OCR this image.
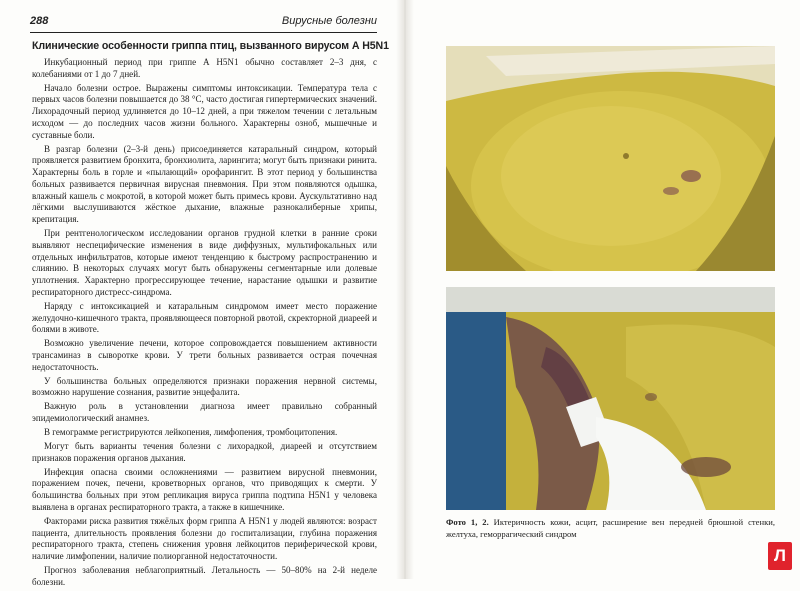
288	Вирусные болезни
Клинические особенности гриппа птиц, вызванного вирусом А H5N1

Инкубационный период при гриппе А H5N1 обычно составляет 2–3 дня, с колебаниями от 1 до 7 дней.

Начало болезни острое. Выражены симптомы интоксикации. Температура тела с первых часов болезни повышается до 38 °С, часто достигая гипертермических значений. Лихорадочный период удлиняется до 10–12 дней, а при тяжелом течении с летальным исходом — до последних часов жизни больного. Характерны озноб, мышечные и суставные боли.

В разгар болезни (2–3-й день) присоединяется катаральный синдром, который проявляется развитием бронхита, бронхиолита, ларингита; могут быть признаки ринита. Характерны боль в горле и «пылающий» орофарингит. В этот период у большинства больных развивается первичная вирусная пневмония. При этом появляются одышка, влажный кашель с мокротой, в которой может быть примесь крови. Аускультативно над лёгкими выслушиваются жёсткое дыхание, влажные разнокалиберные хрипы, крепитация.

При рентгенологическом исследовании органов грудной клетки в ранние сроки выявляют неспецифические изменения в виде диффузных, мультифокальных или отдельных инфильтратов, которые имеют тенденцию к быстрому распространению и слиянию. В некоторых случаях могут быть обнаружены сегментарные или долевые уплотнения. Характерно прогрессирующее течение, нарастание одышки и развитие респираторного дистресс-синдрома.

Наряду с интоксикацией и катаральным синдромом имеет место поражение желудочно-кишечного тракта, проявляющееся повторной рвотой, скректорной диареей и болями в животе.

Возможно увеличение печени, которое сопровождается повышением активности трансаминаз в сыворотке крови. У трети больных развивается острая почечная недостаточность.

У большинства больных определяются признаки поражения нервной системы, возможно нарушение сознания, развитие энцефалита.

Важную роль в установлении диагноза имеет правильно собранный эпидемиологический анамнез.

В гемограмме регистрируются лейкопения, лимфопения, тромбоцитопения.

Могут быть варианты течения болезни с лихорадкой, диареей и отсутствием признаков поражения органов дыхания.

Инфекция опасна своими осложнениями — развитием вирусной пневмонии, поражением почек, печени, кроветворных органов, что приводящих к смерти. У большинства больных при этом репликация вируса гриппа подтипа H5N1 у человека выявлена в органах респираторного тракта, а также в кишечнике.

Факторами риска развития тяжёлых форм гриппа А H5N1 у людей являются: возраст пациента, длительность проявления болезни до госпитализации, глубина поражения респираторного тракта, степень снижения уровня лейкоцитов периферической крови, наличие лимфопении, наличие полиорганной недостаточности.

Прогноз заболевания неблагоприятный. Летальность — 50–80% на 2-й неделе болезни.

Фото 1, 2. Иктеричность кожи, асцит, расширение вен передней брюшной стенки, желтуха, геморрагический синдром
Л
